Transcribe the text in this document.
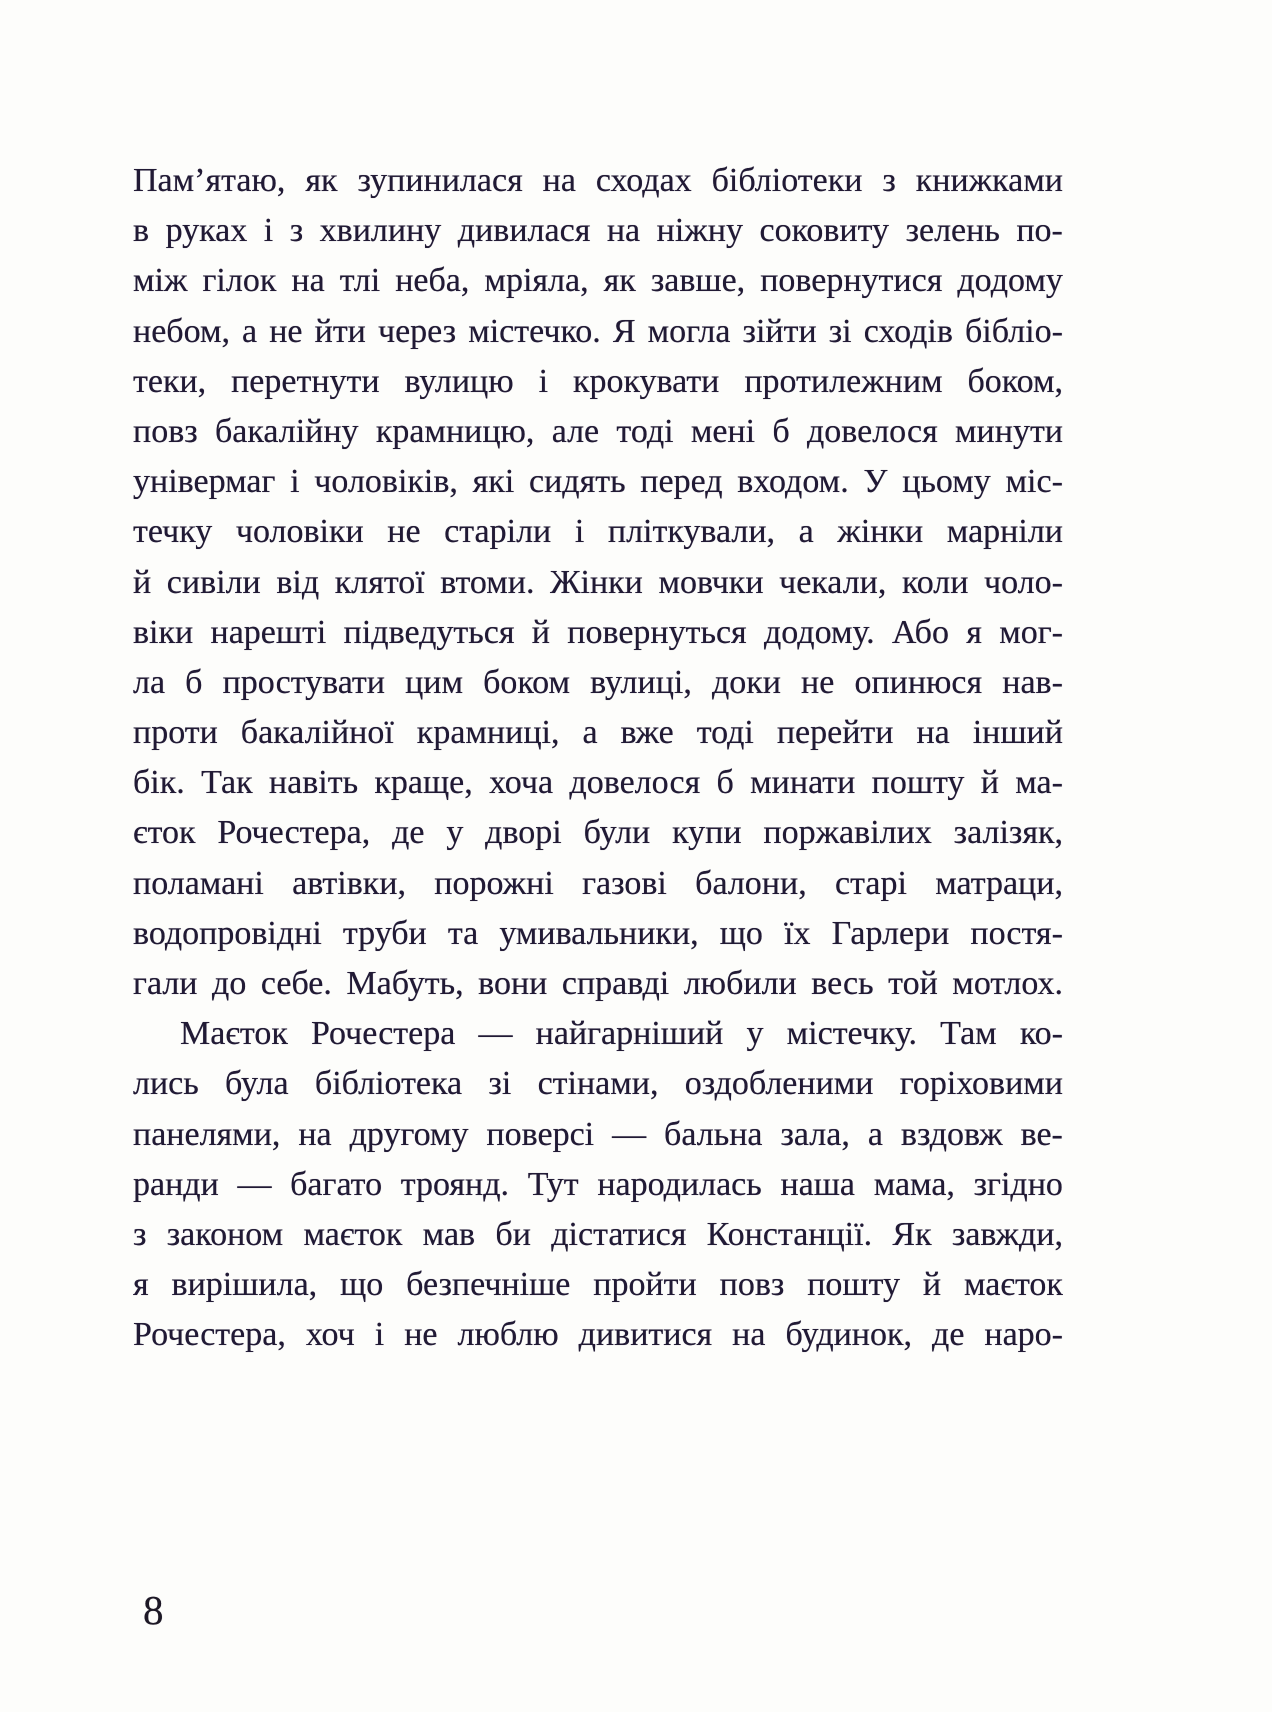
Пам’ятаю, як зупинилася на сходах бібліотеки з книжками
в руках і з хвилину дивилася на ніжну соковиту зелень по-
між гілок на тлі неба, мріяла, як завше, повернутися додому
небом, а не йти через містечко. Я могла зійти зі сходів бібліо-
теки, перетнути вулицю і крокувати протилежним боком,
повз бакалійну крамницю, але тоді мені б довелося минути
універмаг і чоловіків, які сидять перед входом. У цьому міс-
течку чоловіки не старіли і пліткували, а жінки марніли
й сивіли від клятої втоми. Жінки мовчки чекали, коли чоло-
віки нарешті підведуться й повернуться додому. Або я мог-
ла б простувати цим боком вулиці, доки не опинюся нав-
проти бакалійної крамниці, а вже тоді перейти на інший
бік. Так навіть краще, хоча довелося б минати пошту й ма-
єток Рочестера, де у дворі були купи поржавілих залізяк,
поламані автівки, порожні газові балони, старі матраци,
водопровідні труби та умивальники, що їх Гарлери постя-
гали до себе. Мабуть, вони справді любили весь той мотлох.
Маєток Рочестера — найгарніший у містечку. Там ко-
лись була бібліотека зі стінами, оздобленими горіховими
панелями, на другому поверсі — бальна зала, а вздовж ве-
ранди — багато троянд. Тут народилась наша мама, згідно
з законом маєток мав би дістатися Констанції. Як завжди,
я вирішила, що безпечніше пройти повз пошту й маєток
Рочестера, хоч і не люблю дивитися на будинок, де наро-
8
